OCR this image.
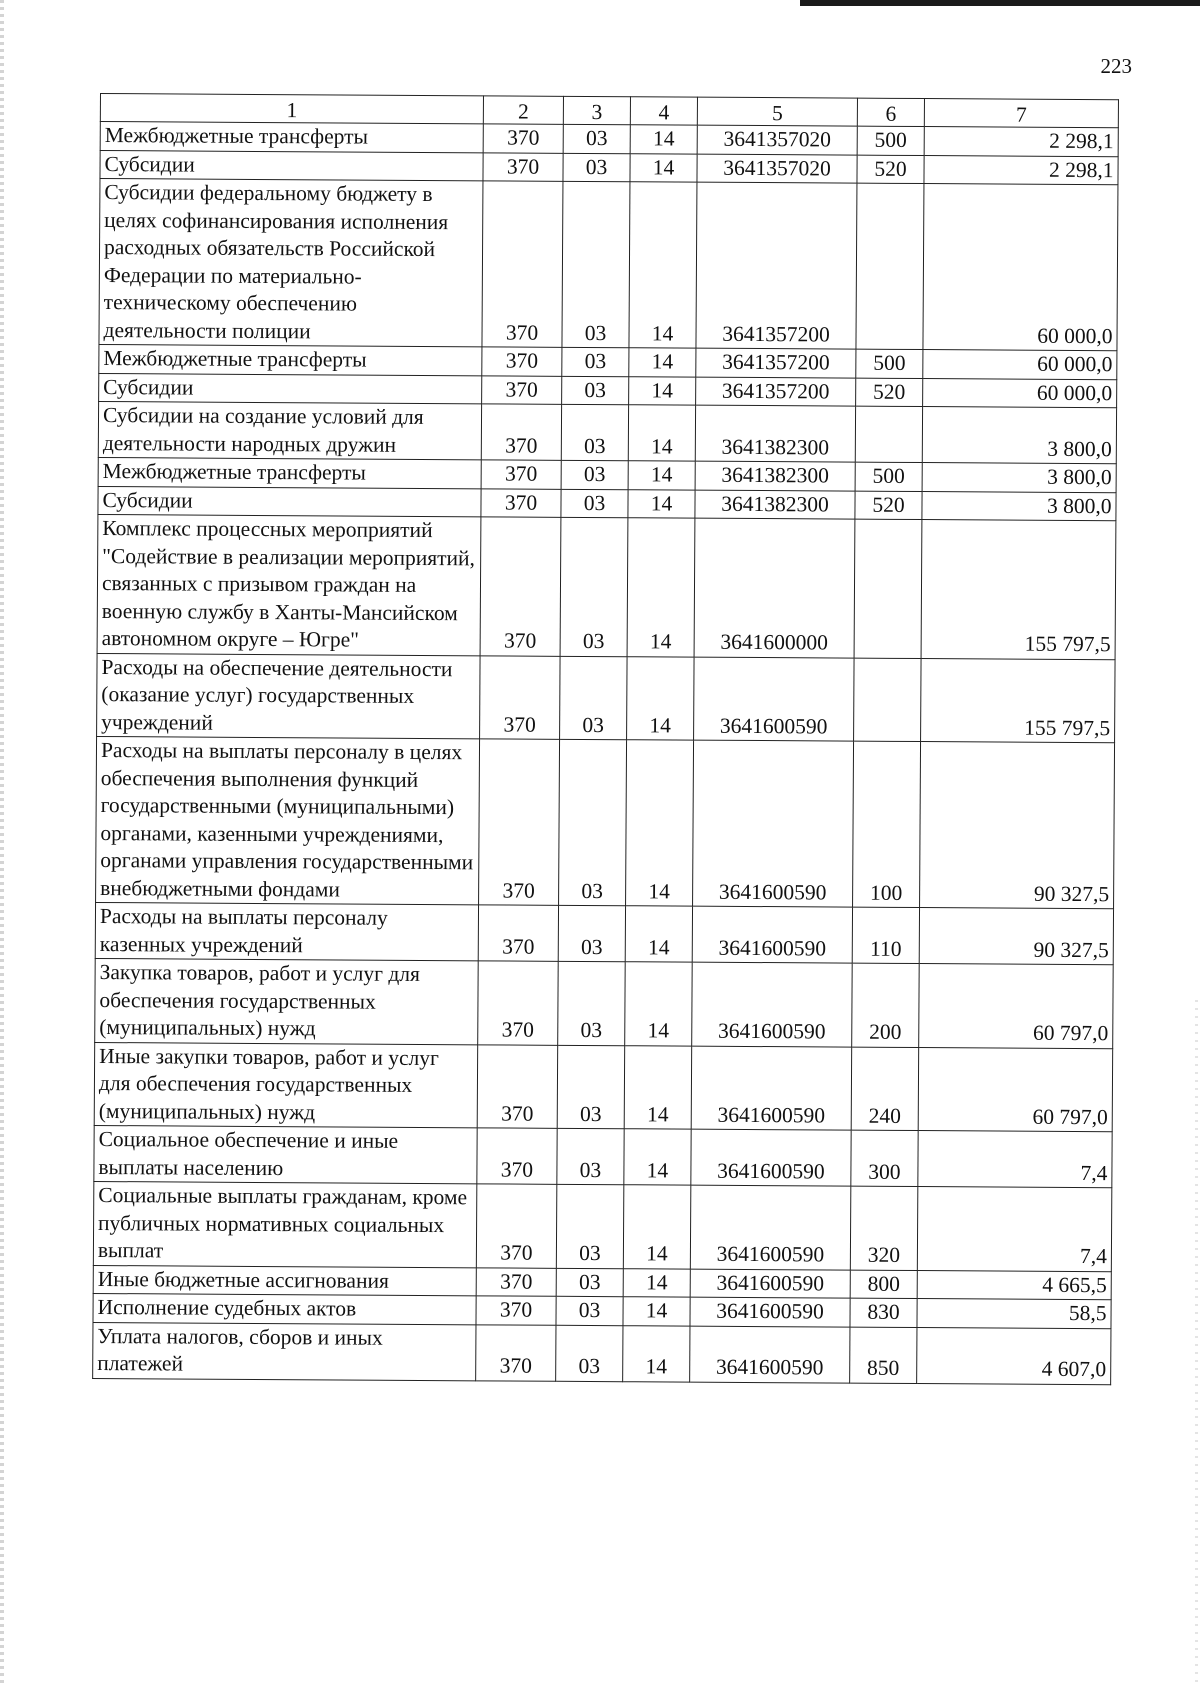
223
1	2	3	4	5	6	7
Межбюджетные трансферты	370	03	14	3641357020	500	2 298,1
Субсидии	370	03	14	3641357020	520	2 298,1
Субсидии федеральному бюджету в целях софинансирования исполнения расходных обязательств Российской Федерации по материально-техническому обеспечению деятельности полиции	370	03	14	3641357200		60 000,0
Межбюджетные трансферты	370	03	14	3641357200	500	60 000,0
Субсидии	370	03	14	3641357200	520	60 000,0
Субсидии на создание условий для деятельности народных дружин	370	03	14	3641382300		3 800,0
Межбюджетные трансферты	370	03	14	3641382300	500	3 800,0
Субсидии	370	03	14	3641382300	520	3 800,0
Комплекс процессных мероприятий "Содействие в реализации мероприятий, связанных с призывом граждан на военную службу в Ханты-Мансийском автономном округе – Югре"	370	03	14	3641600000		155 797,5
Расходы на обеспечение деятельности (оказание услуг) государственных учреждений	370	03	14	3641600590		155 797,5
Расходы на выплаты персоналу в целях обеспечения выполнения функций государственными (муниципальными) органами, казенными учреждениями, органами управления государственными внебюджетными фондами	370	03	14	3641600590	100	90 327,5
Расходы на выплаты персоналу казенных учреждений	370	03	14	3641600590	110	90 327,5
Закупка товаров, работ и услуг для обеспечения государственных (муниципальных) нужд	370	03	14	3641600590	200	60 797,0
Иные закупки товаров, работ и услуг для обеспечения государственных (муниципальных) нужд	370	03	14	3641600590	240	60 797,0
Социальное обеспечение и иные выплаты населению	370	03	14	3641600590	300	7,4
Социальные выплаты гражданам, кроме публичных нормативных социальных выплат	370	03	14	3641600590	320	7,4
Иные бюджетные ассигнования	370	03	14	3641600590	800	4 665,5
Исполнение судебных актов	370	03	14	3641600590	830	58,5
Уплата налогов, сборов и иных платежей	370	03	14	3641600590	850	4 607,0
